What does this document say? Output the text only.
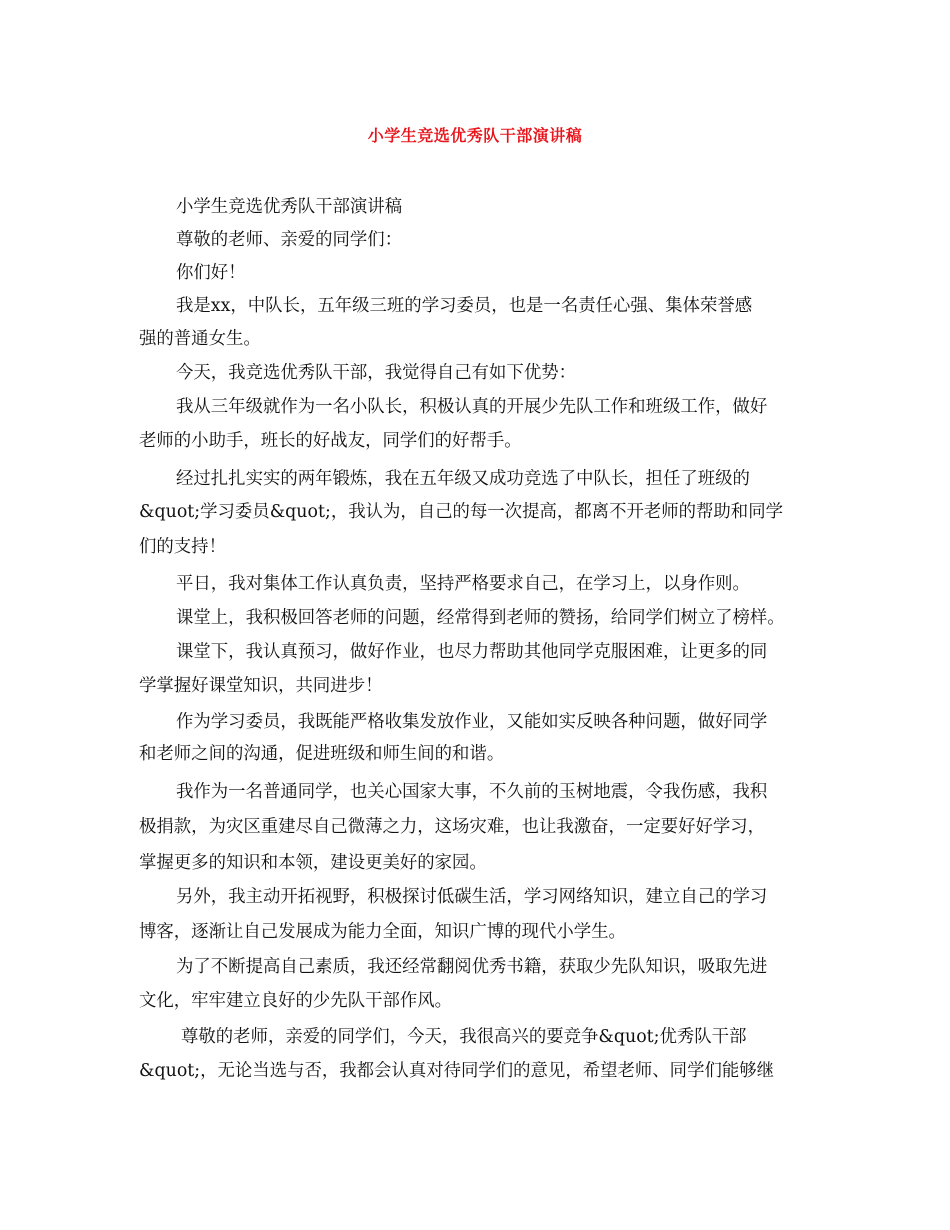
小学生竞选优秀队干部演讲稿
小学生竞选优秀队干部演讲稿
尊敬的老师、亲爱的同学们：
你们好！
我是xx，中队长，五年级三班的学习委员，也是一名责任心强、集体荣誉感
强的普通女生。
今天，我竞选优秀队干部，我觉得自己有如下优势：
我从三年级就作为一名小队长，积极认真的开展少先队工作和班级工作，做好
老师的小助手，班长的好战友，同学们的好帮手。
经过扎扎实实的两年锻炼，我在五年级又成功竞选了中队长，担任了班级的
&quot;学习委员&quot;，我认为，自己的每一次提高，都离不开老师的帮助和同学
们的支持！
平日，我对集体工作认真负责，坚持严格要求自己，在学习上，以身作则。
课堂上，我积极回答老师的问题，经常得到老师的赞扬，给同学们树立了榜样。
课堂下，我认真预习，做好作业，也尽力帮助其他同学克服困难，让更多的同
学掌握好课堂知识，共同进步！
作为学习委员，我既能严格收集发放作业，又能如实反映各种问题，做好同学
和老师之间的沟通，促进班级和师生间的和谐。
我作为一名普通同学，也关心国家大事，不久前的玉树地震，令我伤感，我积
极捐款，为灾区重建尽自己微薄之力，这场灾难，也让我激奋，一定要好好学习，
掌握更多的知识和本领，建设更美好的家园。
另外，我主动开拓视野，积极探讨低碳生活，学习网络知识，建立自己的学习
博客，逐渐让自己发展成为能力全面，知识广博的现代小学生。
为了不断提高自己素质，我还经常翻阅优秀书籍，获取少先队知识，吸取先进
文化，牢牢建立良好的少先队干部作风。
尊敬的老师，亲爱的同学们，今天，我很高兴的要竞争&quot;优秀队干部
&quot;，无论当选与否，我都会认真对待同学们的意见，希望老师、同学们能够继
